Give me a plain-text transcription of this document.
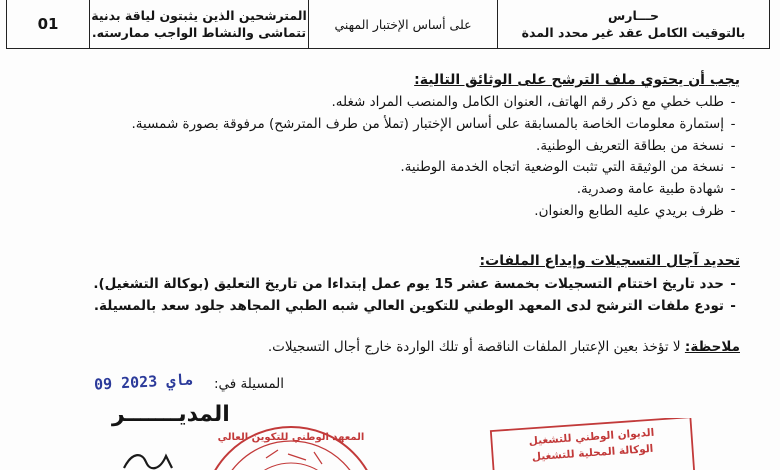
01	المترشحين الذين يثبتون لياقة بدنية
تتماشى والنشاط الواجب ممارسته.
على أساس الإختبار المهني
حـــارس
بالتوقيت الكامل عقد غير محدد المدة
يجب أن يحتوي ملف الترشح على الوثائق التالية:
-طلب خطي مع ذكر رقم الهاتف، العنوان الكامل والمنصب المراد شغله.
-إستمارة معلومات الخاصة بالمسابقة على أساس الإختبار (تملأ من طرف المترشح) مرفوقة بصورة شمسية.
-نسخة من بطاقة التعريف الوطنية.
-نسخة من الوثيقة التي تثبت الوضعية اتجاه الخدمة الوطنية.
-شهادة طبية عامة وصدرية.
-ظرف بريدي عليه الطابع والعنوان.
تحديد آجال التسجيلات وإيداع الملفات:
-حدد تاريخ اختتام التسجيلات بخمسة عشر 15 يوم عمل إبتداءا من تاريخ التعليق (بوكالة التشغيل).
-تودع ملفات الترشح لدى المعهد الوطني للتكوين العالي شبه الطبي المجاهد جلود سعد بالمسيلة.
ملاحظة: لا تؤخذ بعين الإعتبار الملفات الناقصة أو تلك الواردة خارج أجال التسجيلات.
المسيلة في:
09 ماي 2023
المديـــــــر
المعهد الوطني للتكوين العالي	الديوان الوطني للتشغيل
الوكالة المحلية للتشغيل
